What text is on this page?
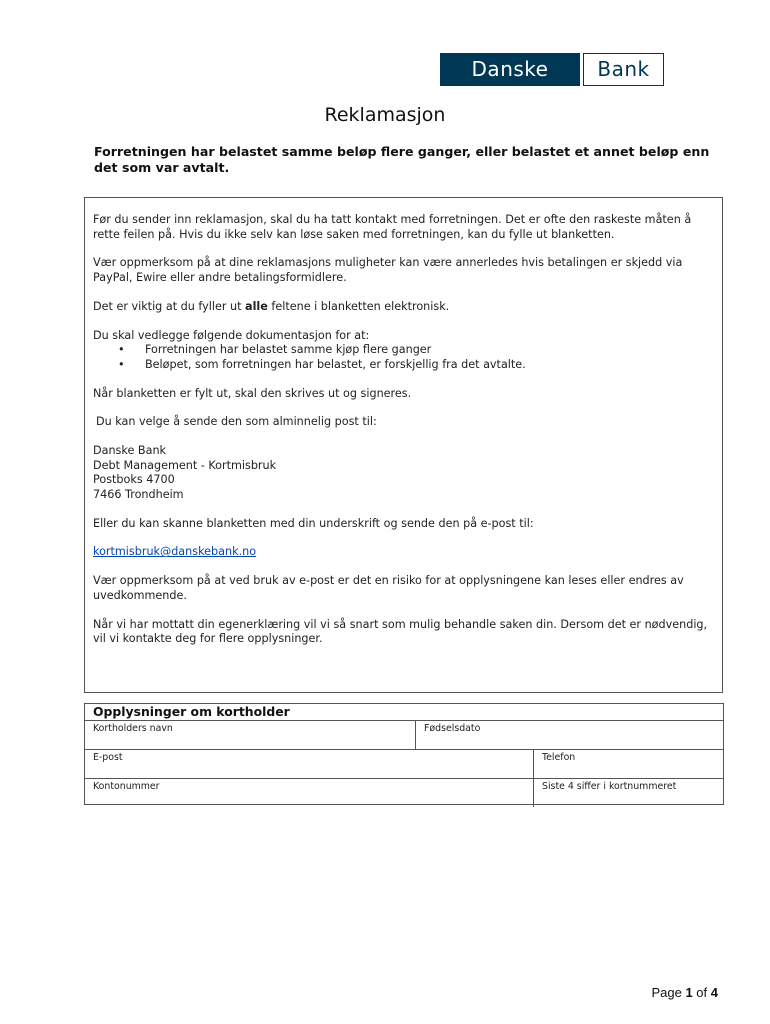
Danske	Bank
Reklamasjon

Forretningen har belastet samme beløp flere ganger, eller belastet et annet beløp enn det som var avtalt.

Før du sender inn reklamasjon, skal du ha tatt kontakt med forretningen. Det er ofte den raskeste måten å rette feilen på. Hvis du ikke selv kan løse saken med forretningen, kan du fylle ut blanketten.

Vær oppmerksom på at dine reklamasjons muligheter kan være annerledes hvis betalingen er skjedd via PayPal, Ewire eller andre betalingsformidlere.

Det er viktig at du fyller ut alle feltene i blanketten elektronisk.

Du skal vedlegge følgende dokumentasjon for at:

• Forretningen har belastet samme kjøp flere ganger
• Beløpet, som forretningen har belastet, er forskjellig fra det avtalte.

Når blanketten er fylt ut, skal den skrives ut og signeres.

Du kan velge å sende den som alminnelig post til:

Danske Bank
Debt Management - Kortmisbruk
Postboks 4700
7466 Trondheim

Eller du kan skanne blanketten med din underskrift og sende den på e-post til:

kortmisbruk@danskebank.no

Vær oppmerksom på at ved bruk av e-post er det en risiko for at opplysningene kan leses eller endres av uvedkommende.

Når vi har mottatt din egenerklæring vil vi så snart som mulig behandle saken din. Dersom det er nødvendig, vil vi kontakte deg for flere opplysninger.

Opplysninger om kortholder
Kortholders navn	Fødselsdato
E-post	Telefon
Kontonummer	Siste 4 siffer i kortnummeret
Page 1 of 4
